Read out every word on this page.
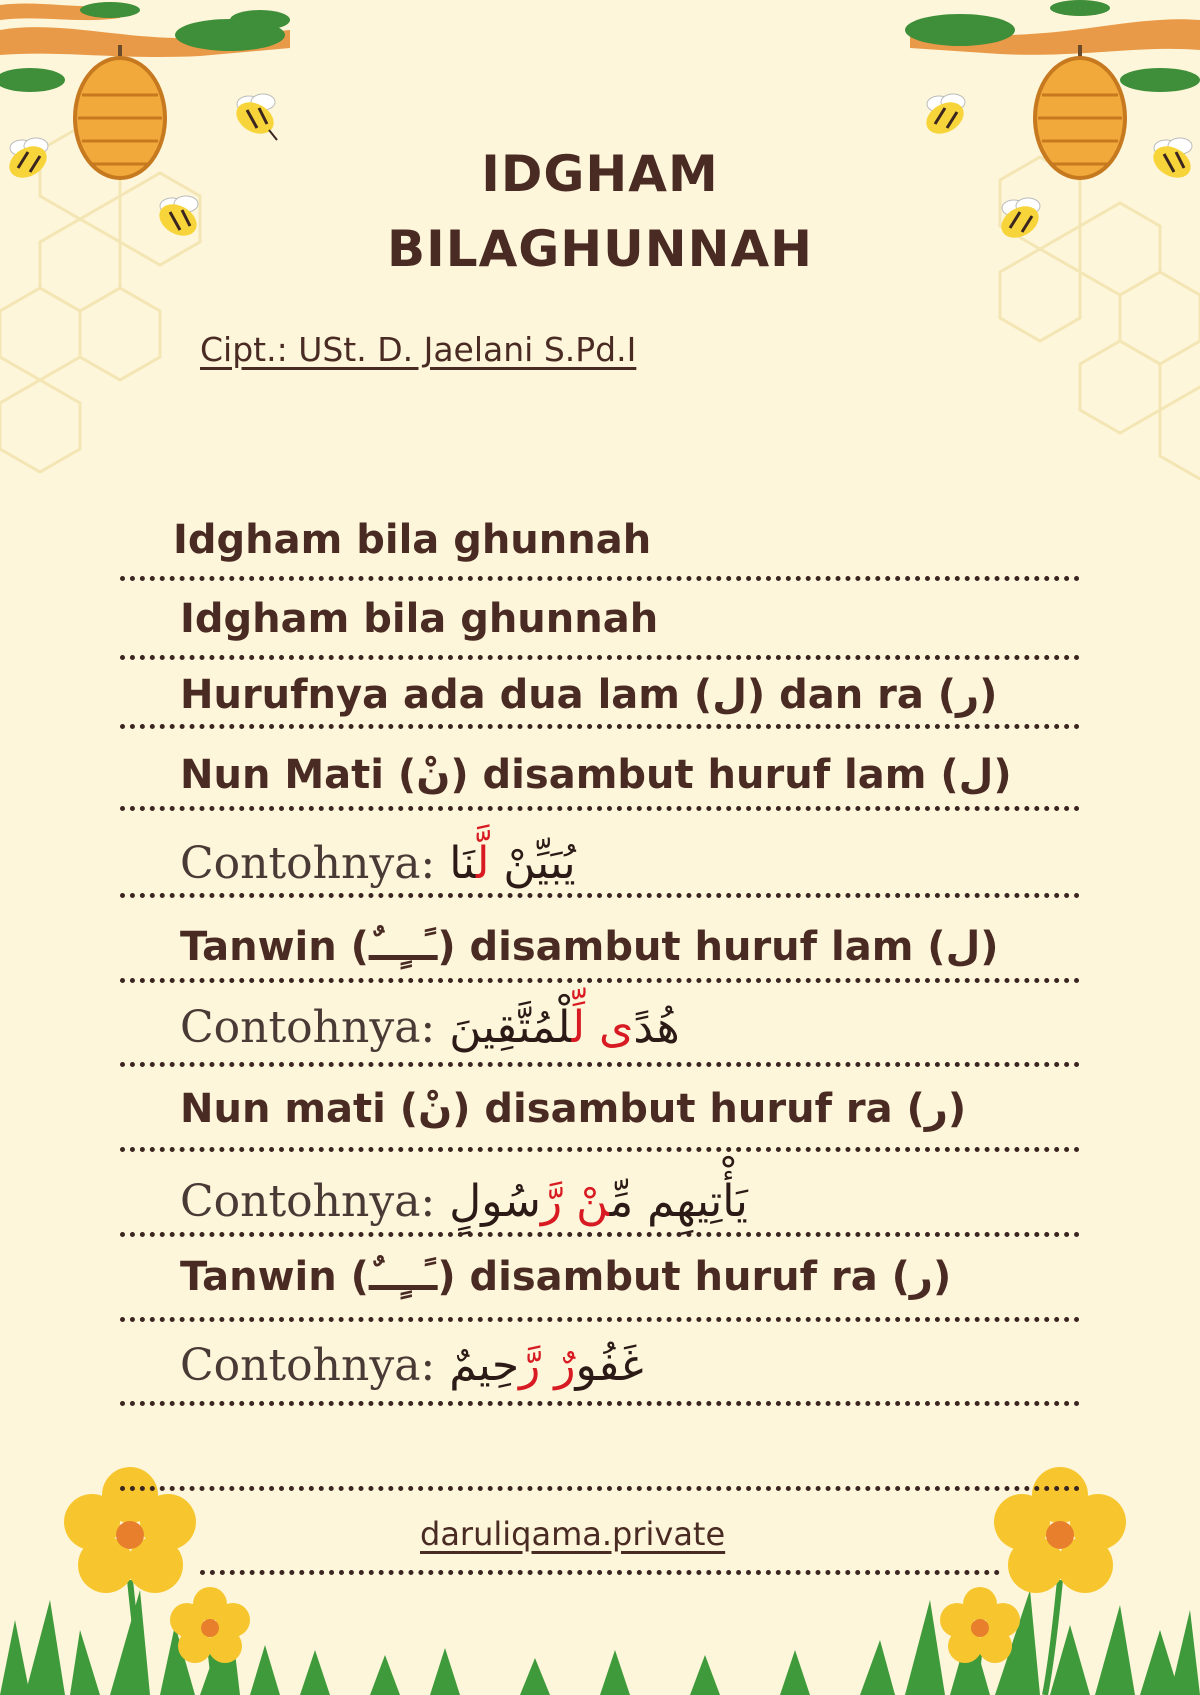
IDGHAM
BILAGHUNNAH
Cipt.: USt. D. Jaelani S.Pd.I
Idgham bila ghunnah
Idgham bila ghunnah
Hurufnya ada dua lam (ل) dan ra (ر)
Nun Mati (نْ) disambut huruf lam (ل)
Contohnya: يُبَيِّنْ لَّنَا
Tanwin (ـًــٍــٌ) disambut huruf lam (ل)
Contohnya:	هُدًى لِّلْمُتَّقِينَ
Nun mati (نْ) disambut huruf ra (ر)
Contohnya:	يَأْتِيهِم مِّنْ رَّسُولٍ
Tanwin (ـًــٍــٌ) disambut huruf ra (ر)
Contohnya:	غَفُورٌ رَّحِيمٌ
daruliqama.private
